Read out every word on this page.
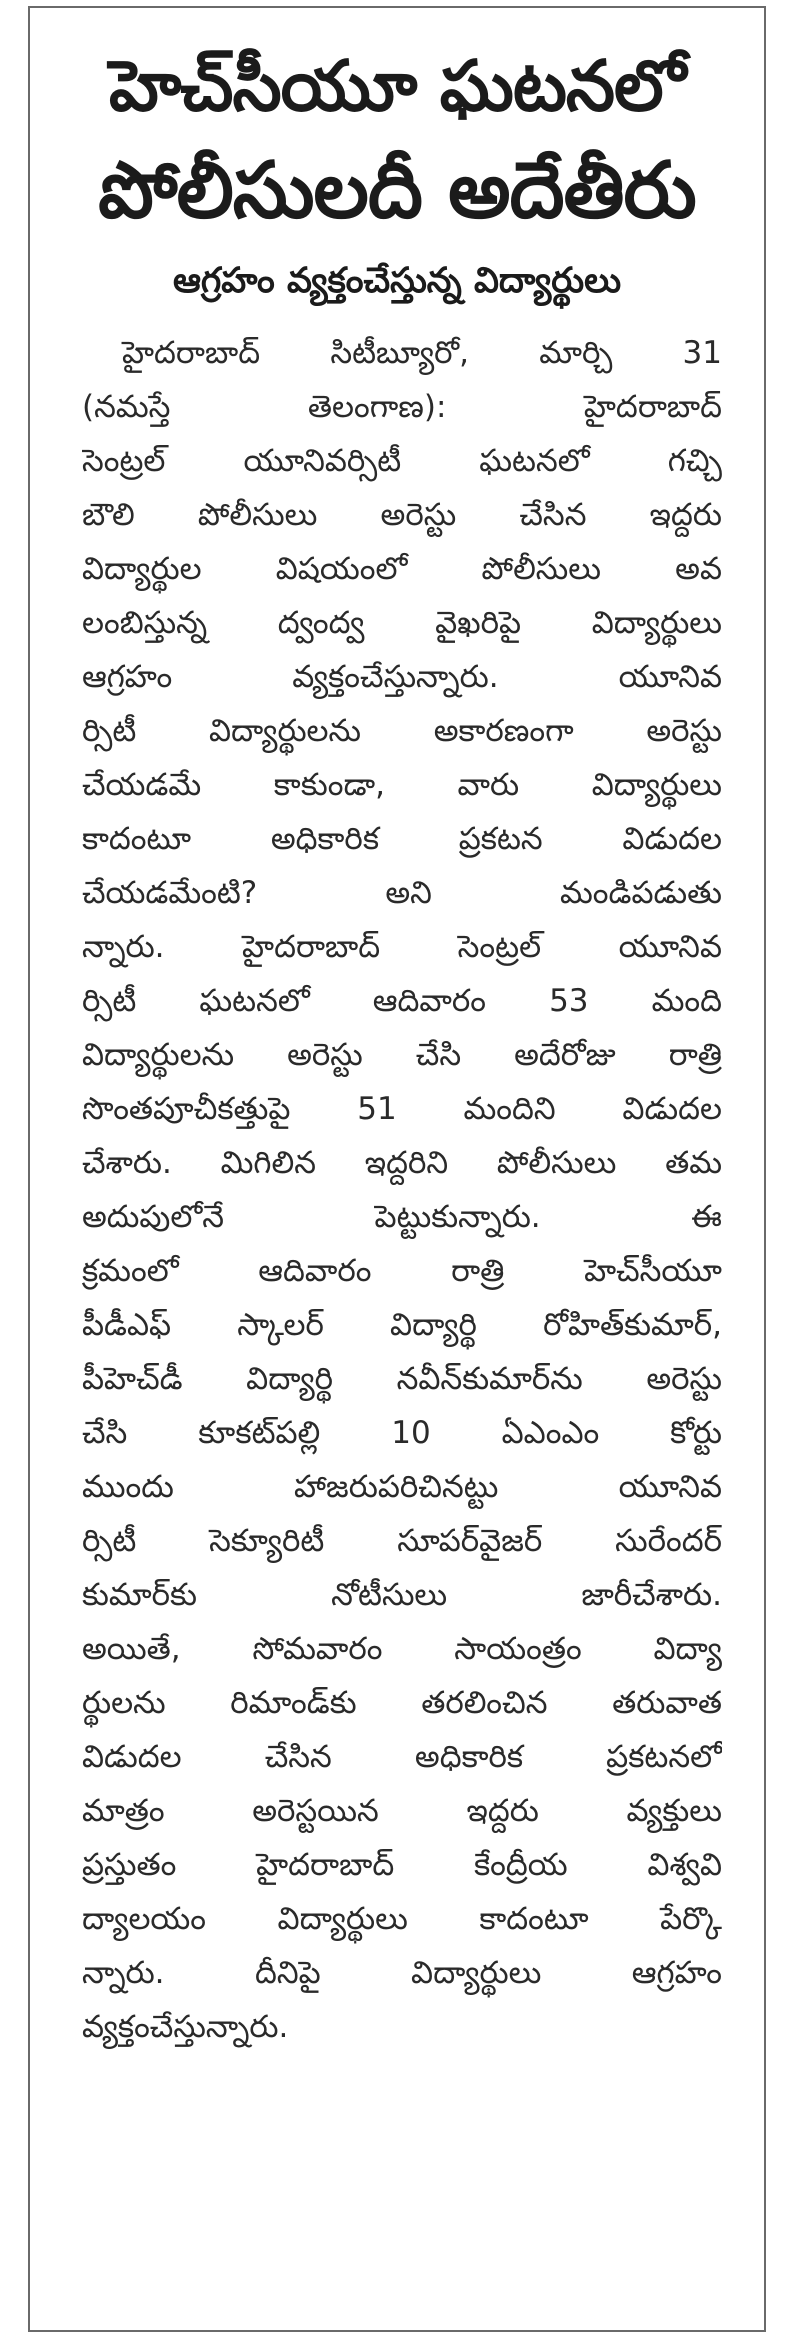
హెచ్‌సీయూ ఘటనలో
పోలీసులదీ అదేతీరు
ఆగ్రహం వ్యక్తంచేస్తున్న విద్యార్థులు
హైదరాబాద్ సిటీబ్యూరో, మార్చి 31
(నమస్తే తెలంగాణ): హైదరాబాద్
సెంట్రల్ యూనివర్సిటీ ఘటనలో గచ్చి
బౌలి పోలీసులు అరెస్టు చేసిన ఇద్దరు
విద్యార్థుల విషయంలో పోలీసులు అవ
లంబిస్తున్న ద్వంద్వ వైఖరిపై విద్యార్థులు
ఆగ్రహం వ్యక్తంచేస్తున్నారు. యూనివ
ర్సిటీ విద్యార్థులను అకారణంగా అరెస్టు
చేయడమే కాకుండా, వారు విద్యార్థులు
కాదంటూ అధికారిక ప్రకటన విడుదల
చేయడమేంటి? అని మండిపడుతు
న్నారు. హైదరాబాద్ సెంట్రల్ యూనివ
ర్సిటీ ఘటనలో ఆదివారం 53 మంది
విద్యార్థులను అరెస్టు చేసి అదేరోజు రాత్రి
సొంతపూచీకత్తుపై 51 మందిని విడుదల
చేశారు. మిగిలిన ఇద్దరిని పోలీసులు తమ
అదుపులోనే పెట్టుకున్నారు. ఈ
క్రమంలో ఆదివారం రాత్రి హెచ్‌సీయూ
పీడీఎఫ్ స్కాలర్ విద్యార్థి రోహిత్‌కుమార్,
పీహెచ్‌డీ విద్యార్థి నవీన్‌కుమార్‌ను అరెస్టు
చేసి కూకట్‌పల్లి 10 ఏఎంఎం కోర్టు
ముందు హాజరుపరిచినట్టు యూనివ
ర్సిటీ సెక్యూరిటీ సూపర్‌వైజర్ సురేందర్
కుమార్‌కు నోటీసులు జారీచేశారు.
అయితే, సోమవారం సాయంత్రం విద్యా
ర్థులను రిమాండ్‌కు తరలించిన తరువాత
విడుదల చేసిన అధికారిక ప్రకటనలో
మాత్రం అరెస్టయిన ఇద్దరు వ్యక్తులు
ప్రస్తుతం హైదరాబాద్ కేంద్రీయ విశ్వవి
ద్యాలయం విద్యార్థులు కాదంటూ పేర్కొ
న్నారు. దీనిపై విద్యార్థులు ఆగ్రహం
వ్యక్తంచేస్తున్నారు.
